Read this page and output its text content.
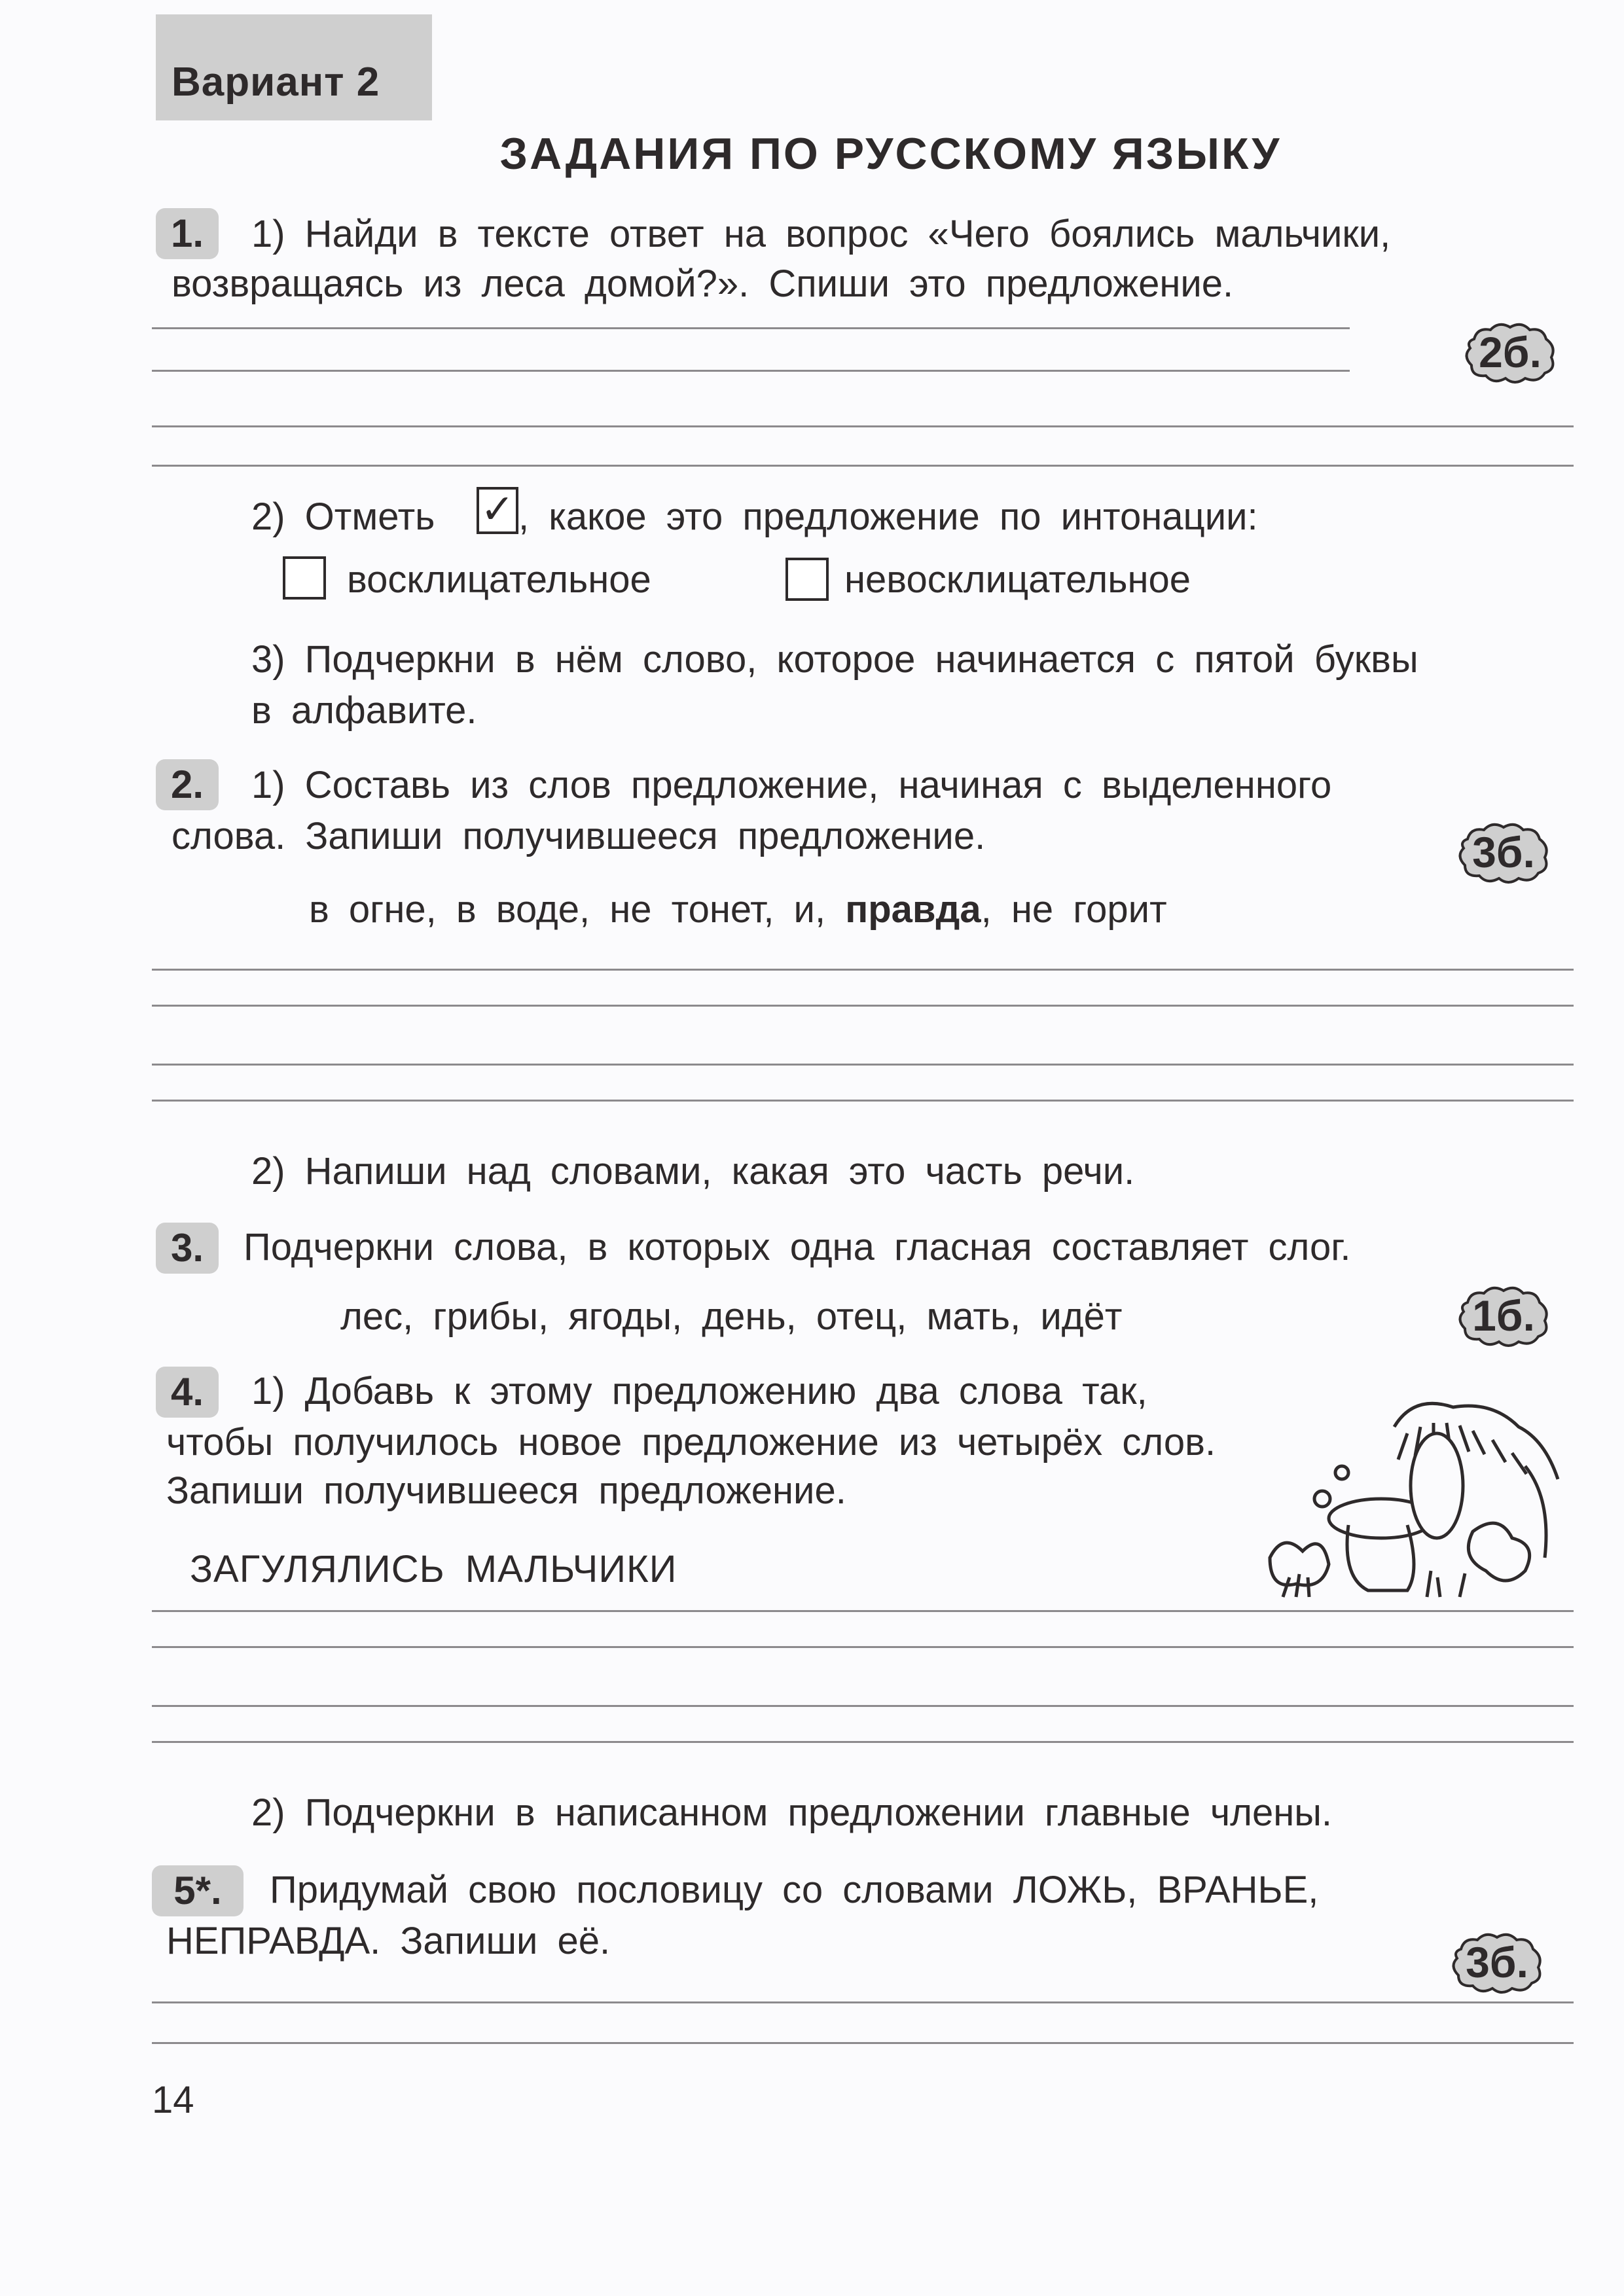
Вариант 2
ЗАДАНИЯ ПО РУССКОМУ ЯЗЫКУ
1.	1) Найди в тексте ответ на вопрос «Чего боялись мальчики,
возвращаясь из леса домой?». Спиши это предложение.
2б.
2) Отметь ✓ , какое это предложение по интонации:
восклицательное	невосклицательное
3) Подчеркни в нём слово, которое начинается с пятой буквы
в алфавите.
2.	1) Составь из слов предложение, начиная с выделенного
слова. Запиши получившееся предложение.	3б.
в огне, в воде, не тонет, и, правда, не горит
2) Напиши над словами, какая это часть речи.
3.	Подчеркни слова, в которых одна гласная составляет слог.
лес, грибы, ягоды, день, отец, мать, идёт	1б.
4.	1) Добавь к этому предложению два слова так,
чтобы получилось новое предложение из четырёх слов.
Запиши получившееся предложение.
ЗАГУЛЯЛИСЬ МАЛЬЧИКИ
2) Подчеркни в написанном предложении главные члены.
5*.	Придумай свою пословицу со словами ЛОЖЬ, ВРАНЬЕ,
НЕПРАВДА. Запиши её.	3б.
14
